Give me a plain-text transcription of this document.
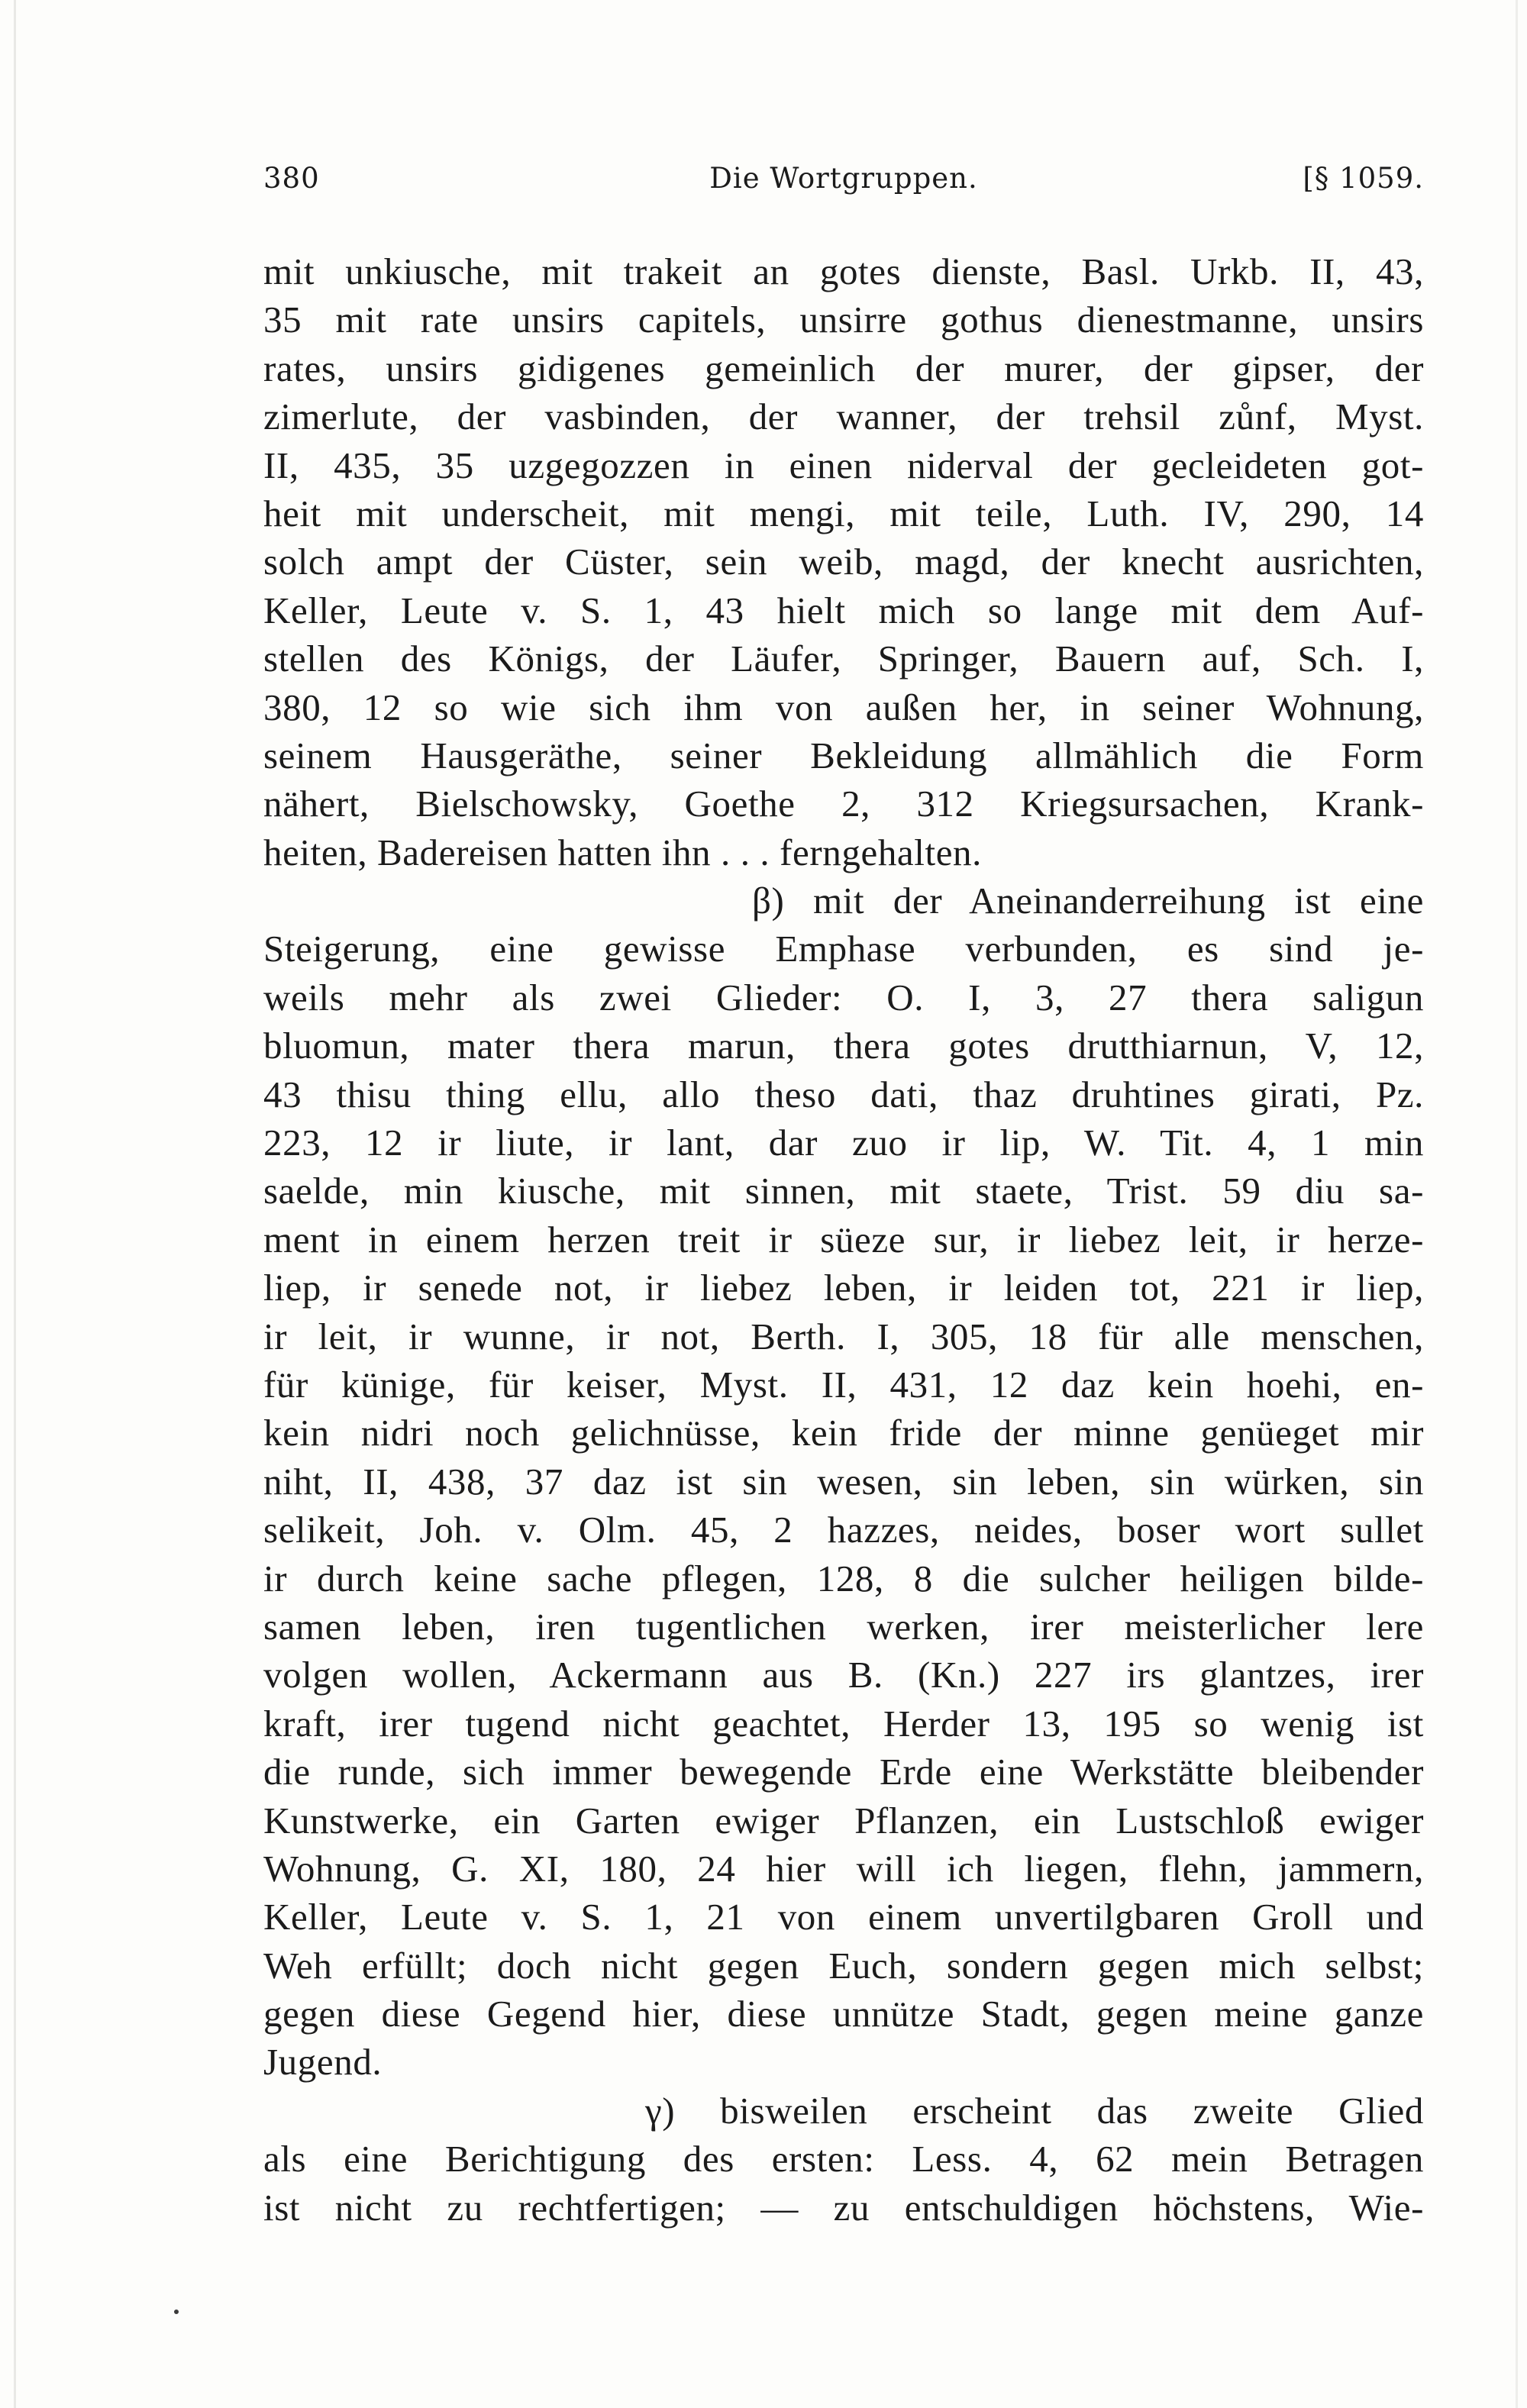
380	Die Wortgruppen.	[§ 1059.
mit unkiusche, mit trakeit an gotes dienste, Basl. Urkb. II, 43,
35 mit rate unsirs capitels, unsirre gothus dienestmanne, unsirs
rates, unsirs gidigenes gemeinlich der murer, der gipser, der
zimerlute, der vasbinden, der wanner, der trehsil zůnf, Myst.
II, 435, 35 uzgegozzen in einen niderval der gecleideten got-
heit mit underscheit, mit mengi, mit teile, Luth. IV, 290, 14
solch ampt der Cüster, sein weib, magd, der knecht ausrichten,
Keller, Leute v. S. 1, 43 hielt mich so lange mit dem Auf-
stellen des Königs, der Läufer, Springer, Bauern auf, Sch. I,
380, 12 so wie sich ihm von außen her, in seiner Wohnung,
seinem Hausgeräthe, seiner Bekleidung allmählich die Form
nähert, Bielschowsky, Goethe 2, 312 Kriegsursachen, Krank-
heiten, Badereisen hatten ihn . . . ferngehalten.
β) mit der Aneinanderreihung ist eine
Steigerung, eine gewisse Emphase verbunden, es sind je-
weils mehr als zwei Glieder: O. I, 3, 27 thera saligun
bluomun, mater thera marun, thera gotes drutthiarnun, V, 12,
43 thisu thing ellu, allo theso dati, thaz druhtines girati, Pz.
223, 12 ir liute, ir lant, dar zuo ir lip, W. Tit. 4, 1 min
saelde, min kiusche, mit sinnen, mit staete, Trist. 59 diu sa-
ment in einem herzen treit ir süeze sur, ir liebez leit, ir herze-
liep, ir senede not, ir liebez leben, ir leiden tot, 221 ir liep,
ir leit, ir wunne, ir not, Berth. I, 305, 18 für alle menschen,
für künige, für keiser, Myst. II, 431, 12 daz kein hoehi, en-
kein nidri noch gelichnüsse, kein fride der minne genüeget mir
niht, II, 438, 37 daz ist sin wesen, sin leben, sin würken, sin
selikeit, Joh. v. Olm. 45, 2 hazzes, neides, boser wort sullet
ir durch keine sache pflegen, 128, 8 die sulcher heiligen bilde-
samen leben, iren tugentlichen werken, irer meisterlicher lere
volgen wollen, Ackermann aus B. (Kn.) 227 irs glantzes, irer
kraft, irer tugend nicht geachtet, Herder 13, 195 so wenig ist
die runde, sich immer bewegende Erde eine Werkstätte bleibender
Kunstwerke, ein Garten ewiger Pflanzen, ein Lustschloß ewiger
Wohnung, G. XI, 180, 24 hier will ich liegen, flehn, jammern,
Keller, Leute v. S. 1, 21 von einem unvertilgbaren Groll und
Weh erfüllt; doch nicht gegen Euch, sondern gegen mich selbst;
gegen diese Gegend hier, diese unnütze Stadt, gegen meine ganze
Jugend.
γ) bisweilen erscheint das zweite Glied
als eine Berichtigung des ersten: Less. 4, 62 mein Betragen
ist nicht zu rechtfertigen; — zu entschuldigen höchstens, Wie-
